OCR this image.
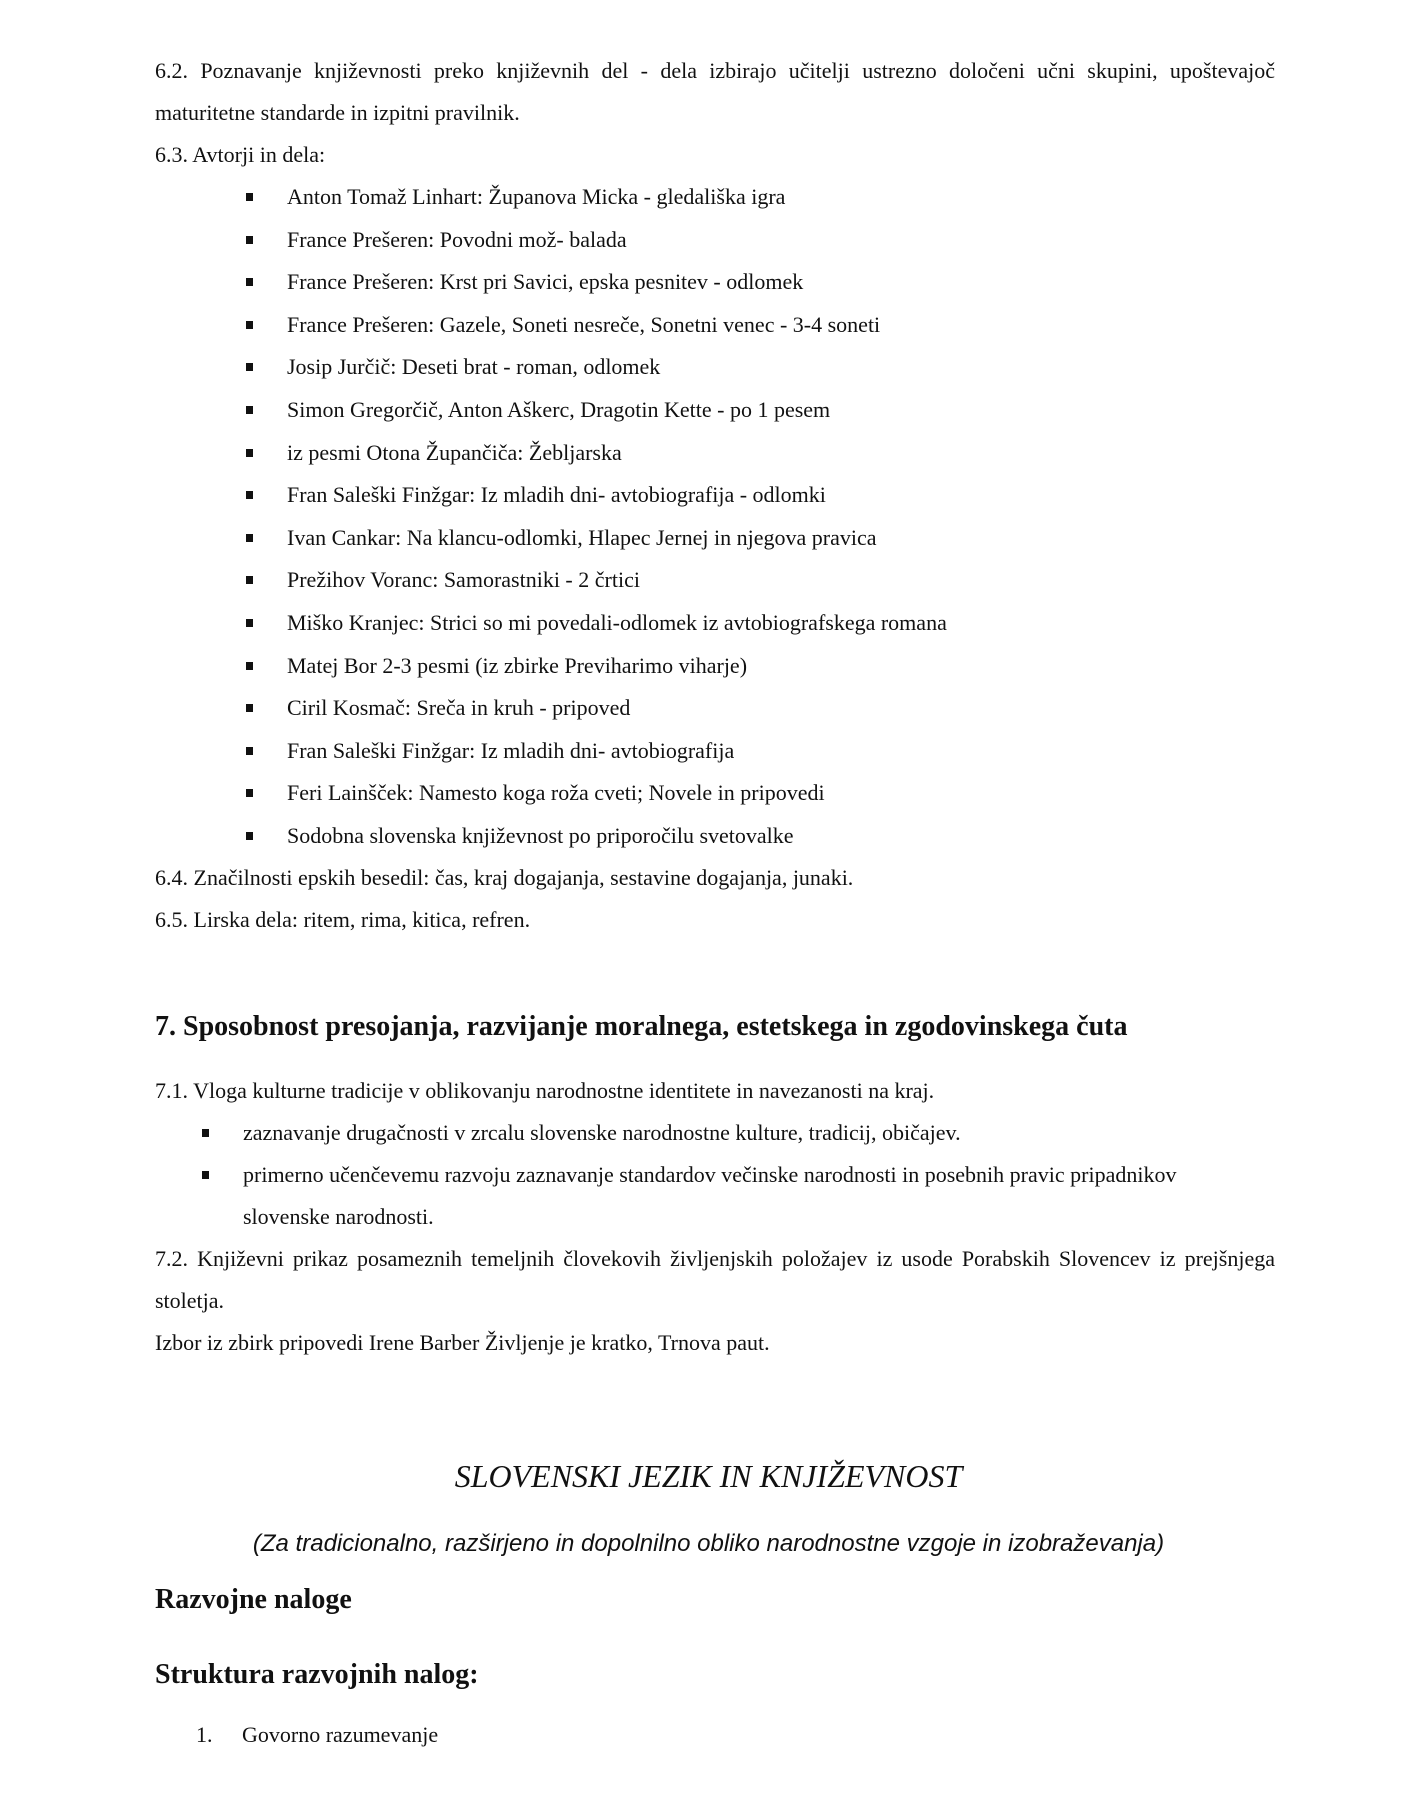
6.2. Poznavanje književnosti preko književnih del - dela izbirajo učitelji ustrezno določeni učni skupini, upoštevajoč maturitetne standarde in izpitni pravilnik.

6.3. Avtorji in dela:

Anton Tomaž Linhart: Županova Micka - gledališka igra
France Prešeren: Povodni mož- balada
France Prešeren: Krst pri Savici, epska pesnitev - odlomek
France Prešeren: Gazele, Soneti nesreče, Sonetni venec - 3-4 soneti
Josip Jurčič: Deseti brat - roman, odlomek
Simon Gregorčič, Anton Aškerc, Dragotin Kette - po 1 pesem
iz pesmi Otona Župančiča: Žebljarska
Fran Saleški Finžgar: Iz mladih dni- avtobiografija - odlomki
Ivan Cankar: Na klancu-odlomki, Hlapec Jernej in njegova pravica
Prežihov Voranc: Samorastniki - 2 črtici
Miško Kranjec: Strici so mi povedali-odlomek iz avtobiografskega romana
Matej Bor 2-3 pesmi (iz zbirke Previharimo viharje)
Ciril Kosmač: Sreča in kruh - pripoved
Fran Saleški Finžgar: Iz mladih dni- avtobiografija
Feri Lainšček: Namesto koga roža cveti; Novele in pripovedi
Sodobna slovenska književnost po priporočilu svetovalke

6.4. Značilnosti epskih besedil: čas, kraj dogajanja, sestavine dogajanja, junaki.

6.5. Lirska dela: ritem, rima, kitica, refren.

7. Sposobnost presojanja, razvijanje moralnega, estetskega in zgodovinskega čuta

7.1. Vloga kulturne tradicije v oblikovanju narodnostne identitete in navezanosti na kraj.

zaznavanje drugačnosti v zrcalu slovenske narodnostne kulture, tradicij, običajev.
primerno učenčevemu razvoju zaznavanje standardov večinske narodnosti in posebnih pravic pripadnikov slovenske narodnosti.

7.2. Književni prikaz posameznih temeljnih človekovih življenjskih položajev iz usode Porabskih Slovencev iz prejšnjega stoletja.

Izbor iz zbirk pripovedi Irene Barber Življenje je kratko, Trnova paut.

SLOVENSKI JEZIK IN KNJIŽEVNOST

(Za tradicionalno, razširjeno in dopolnilno obliko narodnostne vzgoje in izobraževanja)

Razvojne naloge
Struktura razvojnih nalog:
1. Govorno razumevanje
